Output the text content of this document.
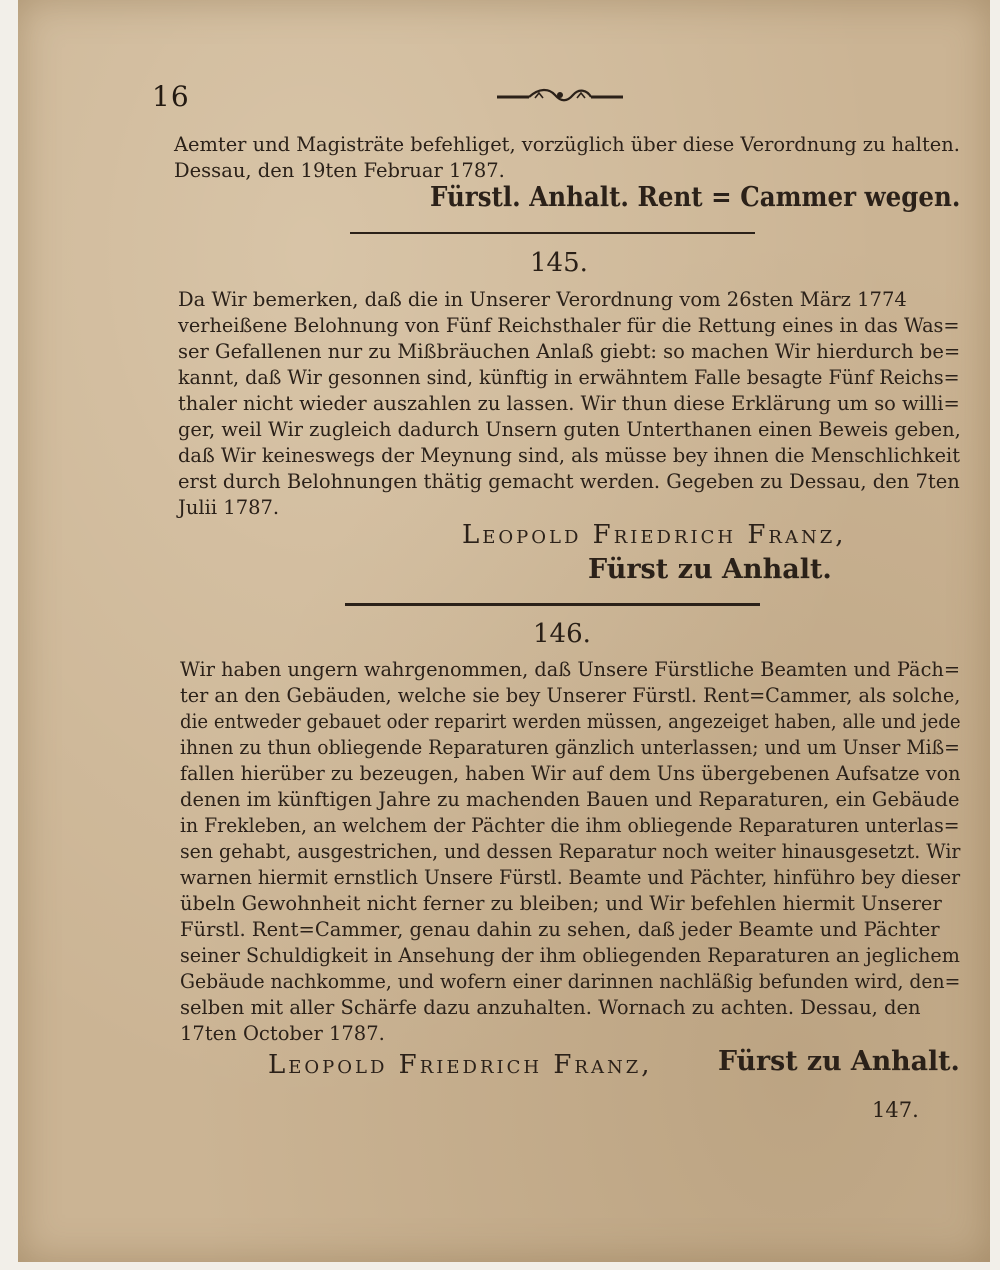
16
Aemter und Magisträte befehliget, vorzüglich über diese Verordnung zu halten.
Dessau, den 19ten Februar 1787.
Fürstl. Anhalt. Rent = Cammer wegen.
145.
Da Wir bemerken, daß die in Unserer Verordnung vom 26sten März 1774
verheißene Belohnung von Fünf Reichsthaler für die Rettung eines in das Was=
ser Gefallenen nur zu Mißbräuchen Anlaß giebt: so machen Wir hierdurch be=
kannt, daß Wir gesonnen sind, künftig in erwähntem Falle besagte Fünf Reichs=
thaler nicht wieder auszahlen zu lassen. Wir thun diese Erklärung um so willi=
ger, weil Wir zugleich dadurch Unsern guten Unterthanen einen Beweis geben,
daß Wir keineswegs der Meynung sind, als müsse bey ihnen die Menschlichkeit
erst durch Belohnungen thätig gemacht werden. Gegeben zu Dessau, den 7ten
Julii 1787.
Leopold Friedrich Franz,
Fürst zu Anhalt.
146.
Wir haben ungern wahrgenommen, daß Unsere Fürstliche Beamten und Päch=
ter an den Gebäuden, welche sie bey Unserer Fürstl. Rent=Cammer, als solche,
die entweder gebauet oder reparirt werden müssen, angezeiget haben, alle und jede
ihnen zu thun obliegende Reparaturen gänzlich unterlassen; und um Unser Miß=
fallen hierüber zu bezeugen, haben Wir auf dem Uns übergebenen Aufsatze von
denen im künftigen Jahre zu machenden Bauen und Reparaturen, ein Gebäude
in Frekleben, an welchem der Pächter die ihm obliegende Reparaturen unterlas=
sen gehabt, ausgestrichen, und dessen Reparatur noch weiter hinausgesetzt. Wir
warnen hiermit ernstlich Unsere Fürstl. Beamte und Pächter, hinführo bey dieser
übeln Gewohnheit nicht ferner zu bleiben; und Wir befehlen hiermit Unserer
Fürstl. Rent=Cammer, genau dahin zu sehen, daß jeder Beamte und Pächter
seiner Schuldigkeit in Ansehung der ihm obliegenden Reparaturen an jeglichem
Gebäude nachkomme, und wofern einer darinnen nachläßig befunden wird, den=
selben mit aller Schärfe dazu anzuhalten. Wornach zu achten. Dessau, den
17ten October 1787.
Leopold Friedrich Franz, Fürst zu Anhalt.
147.
